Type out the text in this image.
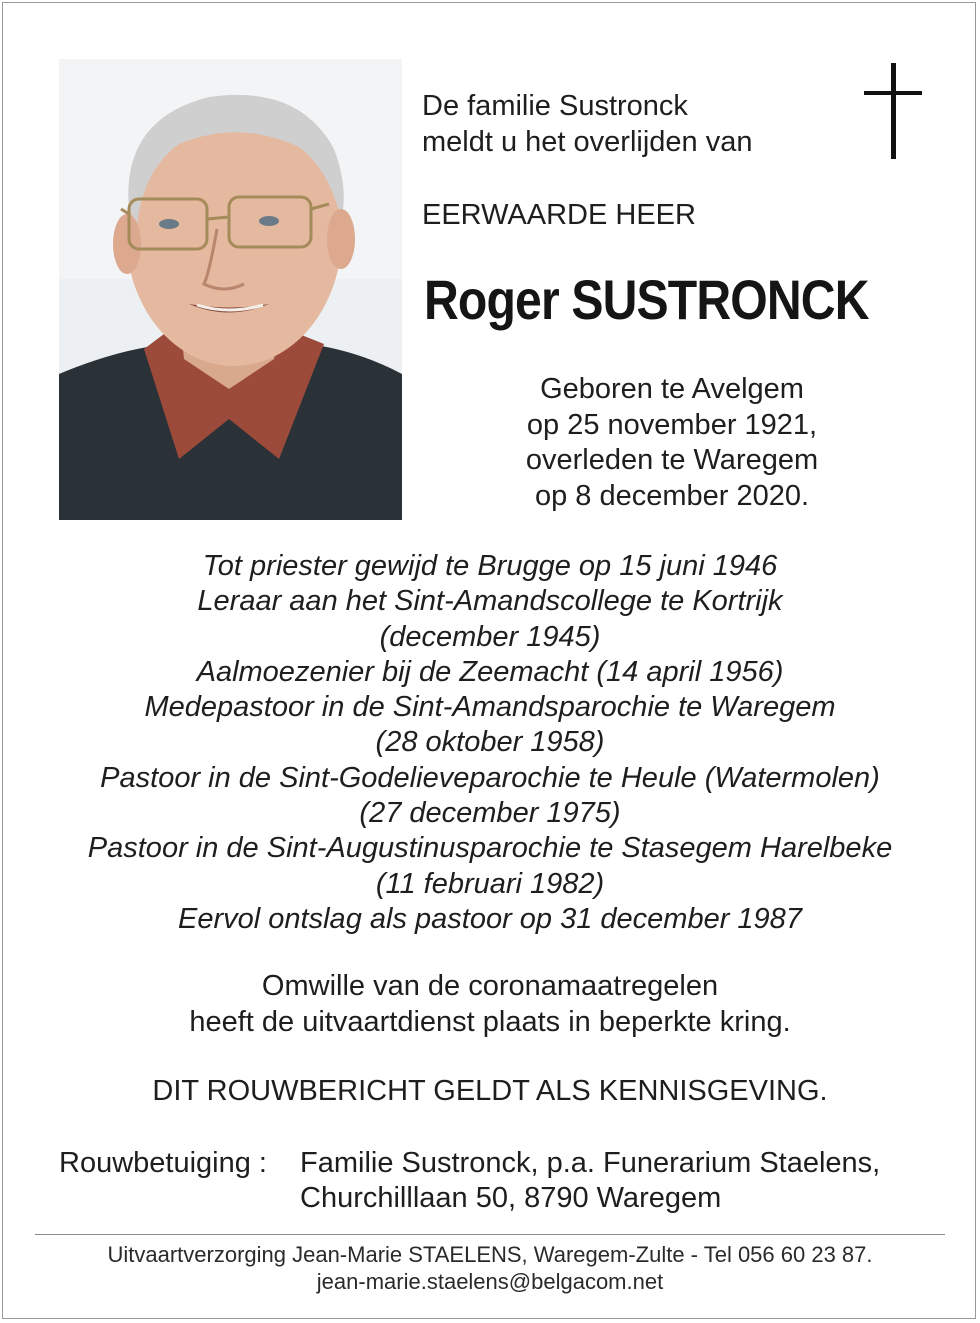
De familie Sustronck
meldt u het overlijden van
EERWAARDE HEER
Roger SUSTRONCK
Geboren te Avelgem
op 25 november 1921,
overleden te Waregem
op 8 december 2020.
Tot priester gewijd te Brugge op 15 juni 1946
Leraar aan het Sint-Amandscollege te Kortrijk
(december 1945)
Aalmoezenier bij de Zeemacht (14 april 1956)
Medepastoor in de Sint-Amandsparochie te Waregem
(28 oktober 1958)
Pastoor in de Sint-Godelieveparochie te Heule (Watermolen)
(27 december 1975)
Pastoor in de Sint-Augustinusparochie te Stasegem Harelbeke
(11 februari 1982)
Eervol ontslag als pastoor op 31 december 1987
Omwille van de coronamaatregelen
heeft de uitvaartdienst plaats in beperkte kring.
DIT ROUWBERICHT GELDT ALS KENNISGEVING.
Rouwbetuiging : Familie Sustronck, p.a. Funerarium Staelens,
Churchilllaan 50, 8790 Waregem
Uitvaartverzorging Jean-Marie STAELENS, Waregem-Zulte - Tel 056 60 23 87.
jean-marie.staelens@belgacom.net
